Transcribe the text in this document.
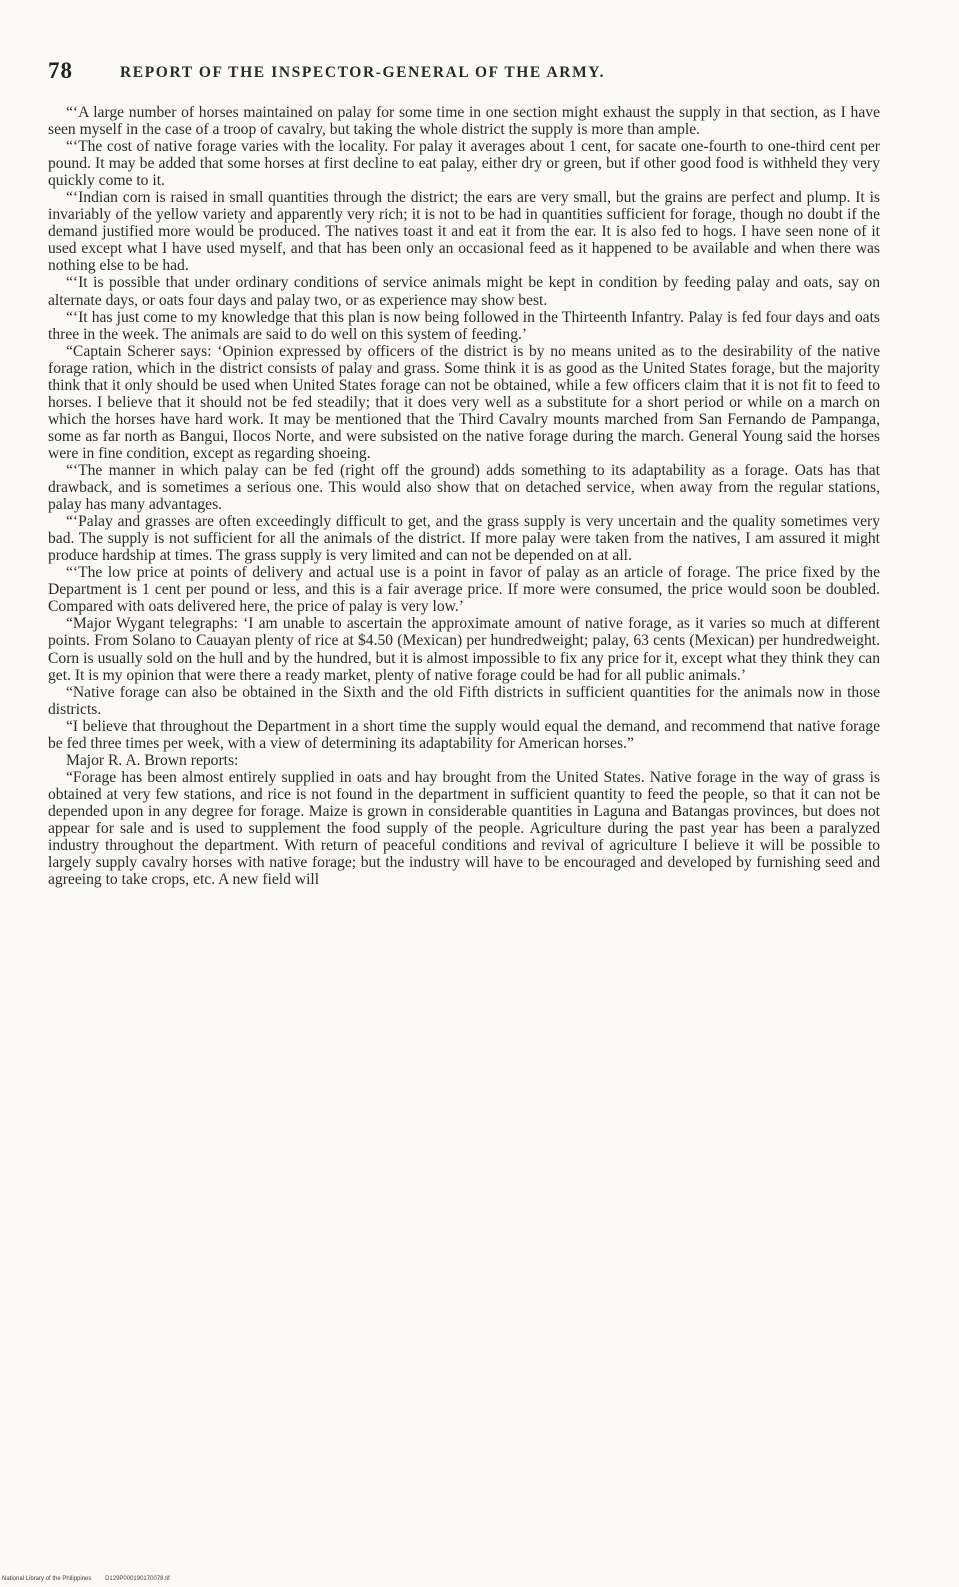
78	REPORT OF THE INSPECTOR-GENERAL OF THE ARMY.

“‘A large number of horses maintained on palay for some time in one section might exhaust the supply in that section, as I have seen myself in the case of a troop of cavalry, but taking the whole district the supply is more than ample.

“‘The cost of native forage varies with the locality. For palay it averages about 1 cent, for sacate one-fourth to one-third cent per pound. It may be added that some horses at first decline to eat palay, either dry or green, but if other good food is withheld they very quickly come to it.

“‘Indian corn is raised in small quantities through the district; the ears are very small, but the grains are perfect and plump. It is invariably of the yellow variety and apparently very rich; it is not to be had in quantities sufficient for forage, though no doubt if the demand justified more would be produced. The natives toast it and eat it from the ear. It is also fed to hogs. I have seen none of it used except what I have used myself, and that has been only an occasional feed as it happened to be available and when there was nothing else to be had.

“‘It is possible that under ordinary conditions of service animals might be kept in condition by feeding palay and oats, say on alternate days, or oats four days and palay two, or as experience may show best.

“‘It has just come to my knowledge that this plan is now being followed in the Thirteenth Infantry. Palay is fed four days and oats three in the week. The animals are said to do well on this system of feeding.’

“Captain Scherer says: ‘Opinion expressed by officers of the district is by no means united as to the desirability of the native forage ration, which in the district consists of palay and grass. Some think it is as good as the United States forage, but the majority think that it only should be used when United States forage can not be obtained, while a few officers claim that it is not fit to feed to horses. I believe that it should not be fed steadily; that it does very well as a substitute for a short period or while on a march on which the horses have hard work. It may be mentioned that the Third Cavalry mounts marched from San Fernando de Pampanga, some as far north as Bangui, Ilocos Norte, and were subsisted on the native forage during the march. General Young said the horses were in fine condition, except as regarding shoeing.

“‘The manner in which palay can be fed (right off the ground) adds something to its adaptability as a forage. Oats has that drawback, and is sometimes a serious one. This would also show that on detached service, when away from the regular stations, palay has many advantages.

“‘Palay and grasses are often exceedingly difficult to get, and the grass supply is very uncertain and the quality sometimes very bad. The supply is not sufficient for all the animals of the district. If more palay were taken from the natives, I am assured it might produce hardship at times. The grass supply is very limited and can not be depended on at all.

“‘The low price at points of delivery and actual use is a point in favor of palay as an article of forage. The price fixed by the Department is 1 cent per pound or less, and this is a fair average price. If more were consumed, the price would soon be doubled. Compared with oats delivered here, the price of palay is very low.’

“Major Wygant telegraphs: ‘I am unable to ascertain the approximate amount of native forage, as it varies so much at different points. From Solano to Cauayan plenty of rice at $4.50 (Mexican) per hundredweight; palay, 63 cents (Mexican) per hundredweight. Corn is usually sold on the hull and by the hundred, but it is almost impossible to fix any price for it, except what they think they can get. It is my opinion that were there a ready market, plenty of native forage could be had for all public animals.’

“Native forage can also be obtained in the Sixth and the old Fifth districts in sufficient quantities for the animals now in those districts.

“I believe that throughout the Department in a short time the supply would equal the demand, and recommend that native forage be fed three times per week, with a view of determining its adaptability for American horses.”

Major R. A. Brown reports:

“Forage has been almost entirely supplied in oats and hay brought from the United States. Native forage in the way of grass is obtained at very few stations, and rice is not found in the department in sufficient quantity to feed the people, so that it can not be depended upon in any degree for forage. Maize is grown in considerable quantities in Laguna and Batangas provinces, but does not appear for sale and is used to supplement the food supply of the people. Agriculture during the past year has been a paralyzed industry throughout the department. With return of peaceful conditions and revival of agriculture I believe it will be possible to largely supply cavalry horses with native forage; but the industry will have to be encouraged and developed by furnishing seed and agreeing to take crops, etc. A new field will

National Library of the Philippines D129P000190170078.tif
